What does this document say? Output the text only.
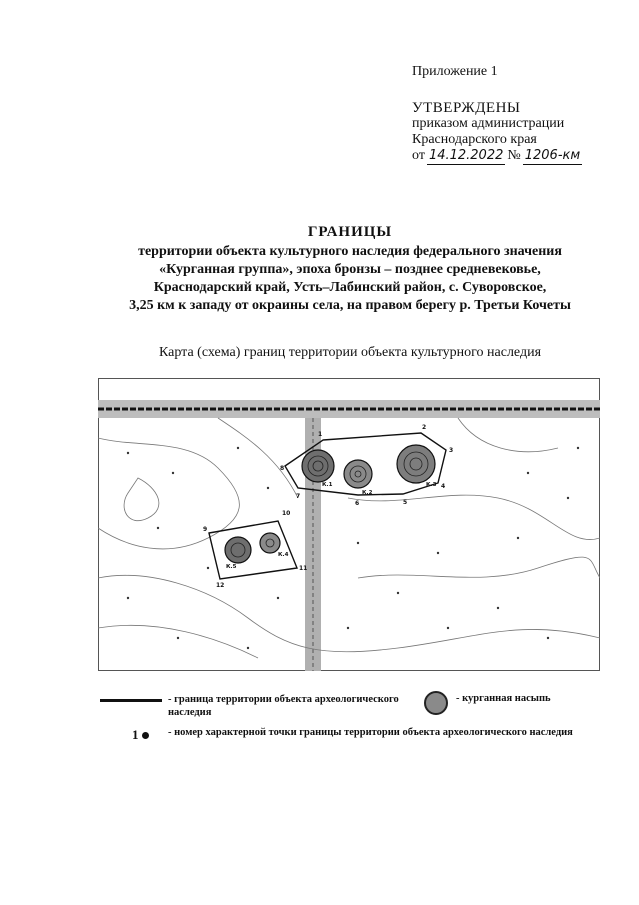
Приложение 1
УТВЕРЖДЕНЫ
приказом администрации
Краснодарского края
от 14.12.2022 № 1206-км
ГРАНИЦЫ
территории объекта культурного наследия федерального значения
«Курганная группа», эпоха бронзы – позднее средневековье,
Краснодарский край, Усть–Лабинский район, с. Суворовское,
3,25 км к западу от окраины села, на правом берегу р. Третьи Кочеты
Карта (схема) границ территории объекта культурного наследия
К.1
К.2
К.3
К.4
К.5
1
2
3
4
5
6
7
8
9
10
11
12
- граница территории объекта археологического наследия
- курганная насыпь
1	- номер характерной точки границы территории объекта археологического наследия
